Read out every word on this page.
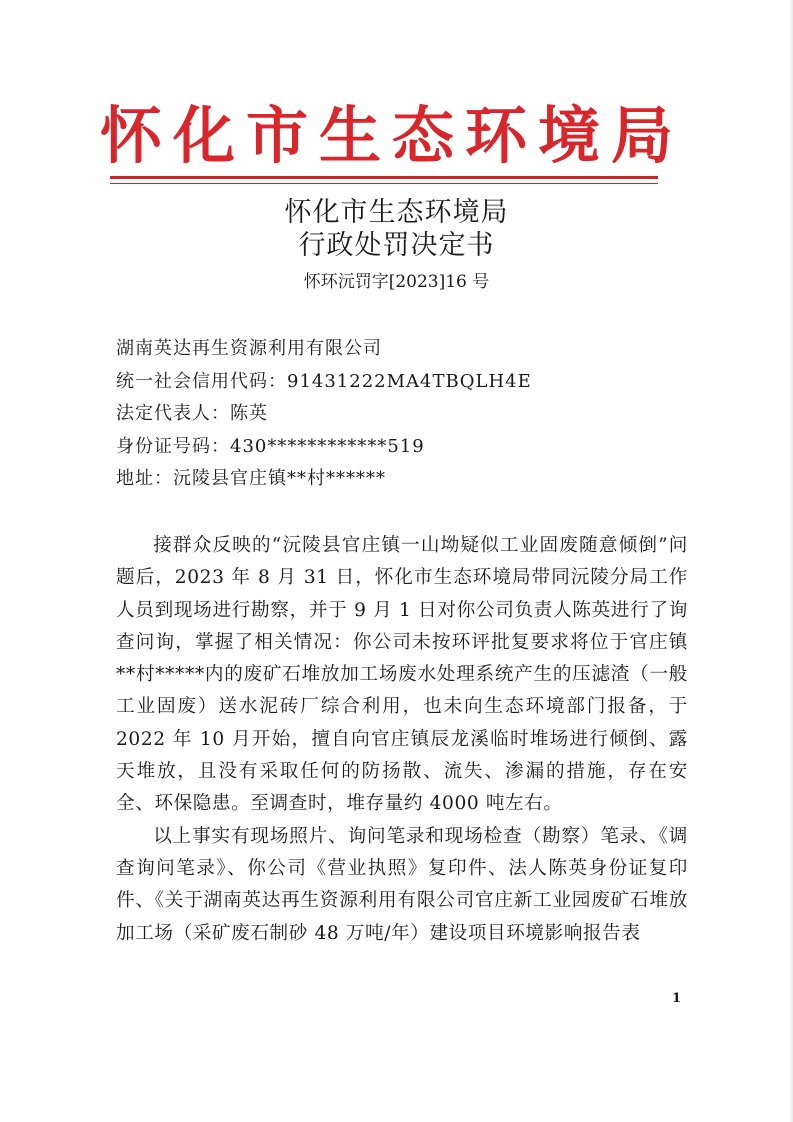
怀化市生态环境局
怀化市生态环境局
行政处罚决定书
怀环沅罚字[2023]16 号
湖南英达再生资源利用有限公司
统一社会信用代码：91431222MA4TBQLH4E
法定代表人：陈英
身份证号码：430************519
地址：沅陵县官庄镇**村******

接群众反映的“沅陵县官庄镇一山坳疑似工业固废随意倾倒”问题后，2023 年 8 月 31 日，怀化市生态环境局带同沅陵分局工作人员到现场进行勘察，并于 9 月 1 日对你公司负责人陈英进行了询查问询，掌握了相关情况：你公司未按环评批复要求将位于官庄镇**村*****内的废矿石堆放加工场废水处理系统产生的压滤渣（一般工业固废）送水泥砖厂综合利用，也未向生态环境部门报备，于 2022 年 10 月开始，擅自向官庄镇辰龙溪临时堆场进行倾倒、露天堆放，且没有采取任何的防扬散、流失、渗漏的措施，存在安全、环保隐患。至调查时，堆存量约 4000 吨左右。

以上事实有现场照片、询问笔录和现场检查（勘察）笔录、《调查询问笔录》、你公司《营业执照》复印件、法人陈英身份证复印件、《关于湖南英达再生资源利用有限公司官庄新工业园废矿石堆放加工场（采矿废石制砂 48 万吨/年）建设项目环境影响报告表

1
